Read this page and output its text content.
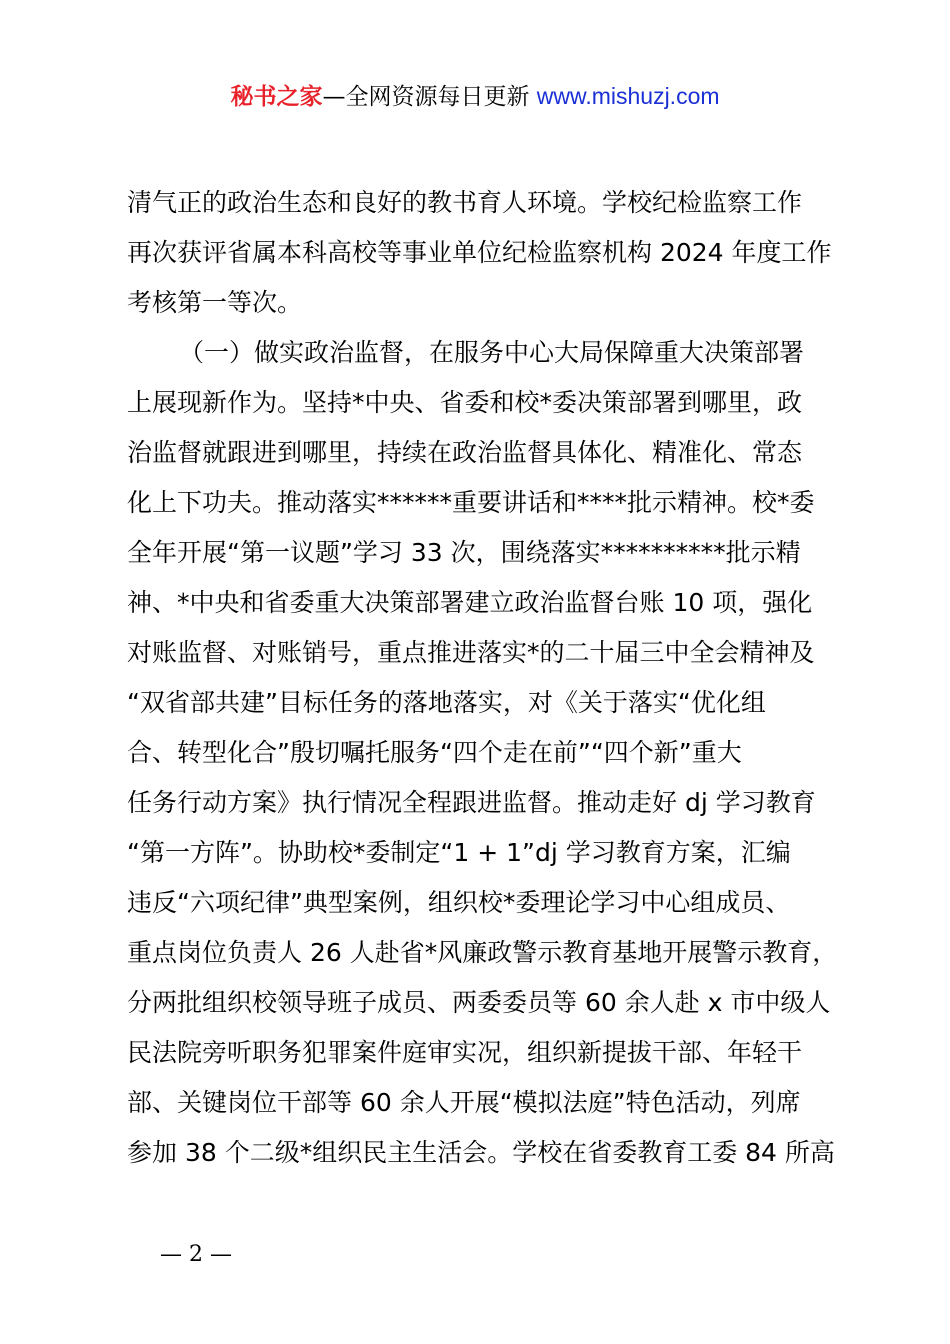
秘书之家—全网资源每日更新 www.mishuzj.com
清气正的政治生态和良好的教书育人环境。学校纪检监察工作
再次获评省属本科高校等事业单位纪检监察机构 2024 年度工作
考核第一等次。
（一）做实政治监督，在服务中心大局保障重大决策部署
上展现新作为。坚持*中央、省委和校*委决策部署到哪里，政
治监督就跟进到哪里，持续在政治监督具体化、精准化、常态
化上下功夫。推动落实******重要讲话和****批示精神。校*委
全年开展“第一议题”学习 33 次，围绕落实**********批示精
神、*中央和省委重大决策部署建立政治监督台账 10 项，强化
对账监督、对账销号，重点推进落实*的二十届三中全会精神及
“双省部共建”目标任务的落地落实，对《关于落实“优化组
合、转型化合”殷切嘱托服务“四个走在前”“四个新”重大
任务行动方案》执行情况全程跟进监督。推动走好 dj 学习教育
“第一方阵”。协助校*委制定“1 + 1”dj 学习教育方案，汇编
违反“六项纪律”典型案例，组织校*委理论学习中心组成员、
重点岗位负责人 26 人赴省*风廉政警示教育基地开展警示教育，
分两批组织校领导班子成员、两委委员等 60 余人赴 x 市中级人
民法院旁听职务犯罪案件庭审实况，组织新提拔干部、年轻干
部、关键岗位干部等 60 余人开展“模拟法庭”特色活动，列席
参加 38 个二级*组织民主生活会。学校在省委教育工委 84 所高
— 2 —
